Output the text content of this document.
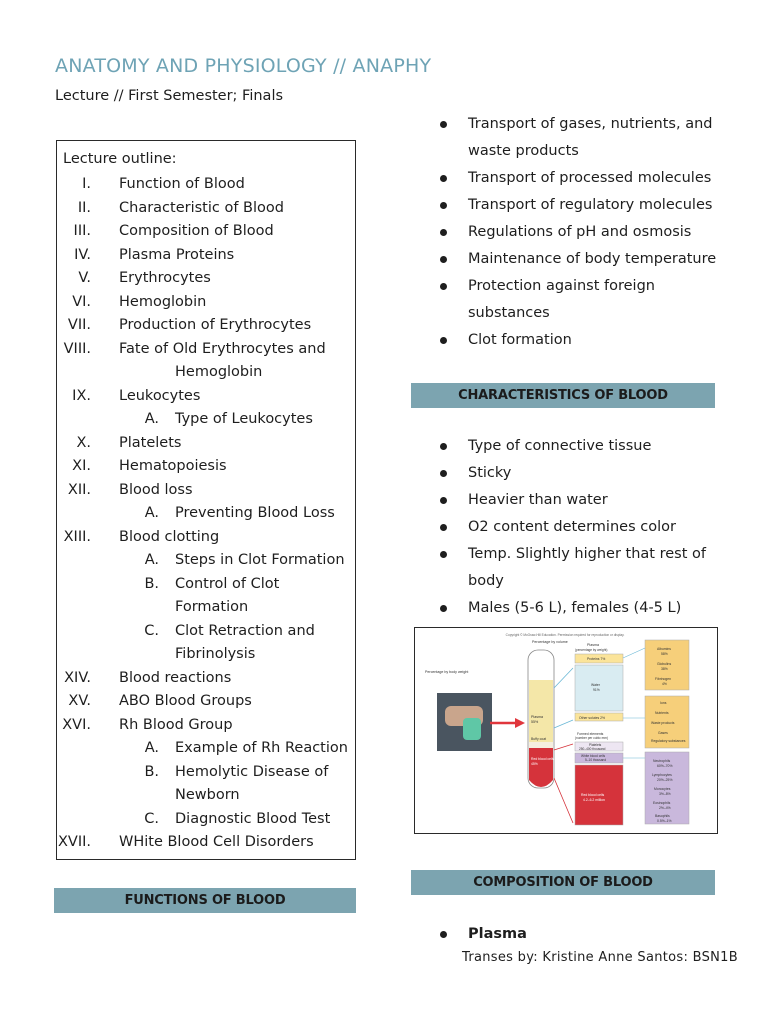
ANATOMY AND PHYSIOLOGY // ANAPHY
Lecture // First Semester; Finals
Lecture outline:
I. Function of Blood
II. Characteristic of Blood
III. Composition of Blood
IV. Plasma Proteins
V. Erythrocytes
VI. Hemoglobin
VII. Production of Erythrocytes
VIII. Fate of Old Erythrocytes and
Hemoglobin
IX. Leukocytes
A. Type of Leukocytes
X. Platelets
XI. Hematopoiesis
XII. Blood loss
A. Preventing Blood Loss
XIII. Blood clotting
A. Steps in Clot Formation
B. Control of Clot
Formation
C. Clot Retraction and
Fibrinolysis
XIV. Blood reactions
XV. ABO Blood Groups
XVI. Rh Blood Group
A. Example of Rh Reaction
B. Hemolytic Disease of
Newborn
C. Diagnostic Blood Test
XVII. WHite Blood Cell Disorders
FUNCTIONS OF BLOOD
CHARACTERISTICS OF BLOOD
COMPOSITION OF BLOOD
Transport of gases, nutrients, and
waste products
Transport of processed molecules
Transport of regulatory molecules
Regulations of pH and osmosis
Maintenance of body temperature
Protection against foreign
substances
Clot formation
Type of connective tissue
Sticky
Heavier than water
O2 content determines color
Temp. Slightly higher that rest of
body
Males (5-6 L), females (4-5 L)
Plasma
Copyright © McGraw-Hill Education. Permission required for reproduction or display.
Percentage by body weight
Percentage by volume
Plasma
55%
Buffy coat
Red blood cells
45%
Plasma
(percentage by weight)
Proteins 7%
Water
91%
Other solutes 2%
Formed elements
(number per cubic mm)
Platelets
250–400 thousand
White blood cells
5–10 thousand
Red blood cells
4.2–6.2 million
Albumins
58%
Globulins
38%
Fibrinogen
4%
Ions
Nutrients
Waste products
Gases
Regulatory substances
Neutrophils
60%–70%
Lymphocytes
20%–25%
Monocytes
3%–8%
Eosinophils
2%–4%
Basophils
0.5%–1%
Transes by: Kristine Anne Santos: BSN1B
